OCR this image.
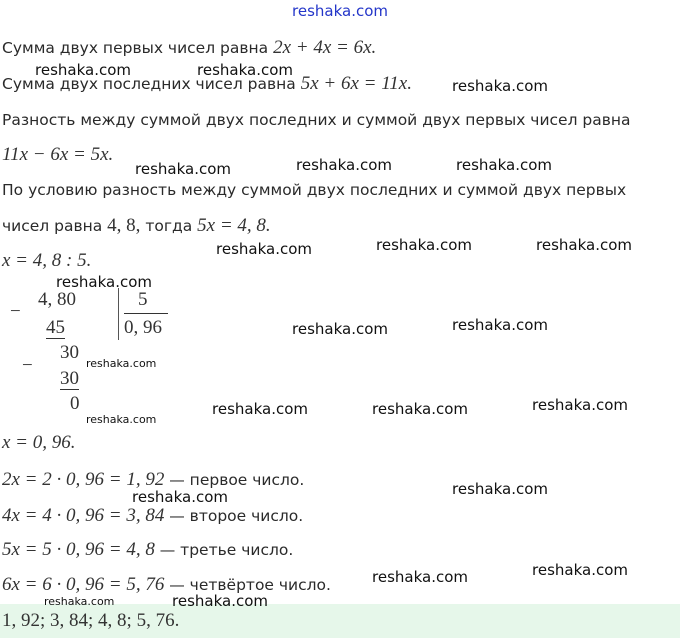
reshaka.com
Сумма двух первых чисел равна 2x + 4x = 6x.
Сумма двух последних чисел равна 5x + 6x = 11x.
Разность между суммой двух последних и суммой двух первых чисел равна
11x − 6x = 5x.
По условию разность между суммой двух последних и суммой двух первых
чисел равна 4, 8, тогда 5x = 4, 8.
x = 4, 8 : 5.
4, 80
−
45
5
0, 96
30
−
30
0
x = 0, 96.
2x = 2 · 0, 96 = 1, 92 — первое число.
4x = 4 · 0, 96 = 3, 84 — второе число.
5x = 5 · 0, 96 = 4, 8 — третье число.
6x = 6 · 0, 96 = 5, 76 — четвёртое число.
1, 92; 3, 84; 4, 8; 5, 76.
reshaka.com	reshaka.com
reshaka.com
reshaka.com	reshaka.com	reshaka.com
reshaka.com	reshaka.com	reshaka.com
reshaka.com
reshaka.com	reshaka.com
reshaka.com
reshaka.com
reshaka.com	reshaka.com	reshaka.com
reshaka.com	reshaka.com
reshaka.com	reshaka.com
reshaka.com	reshaka.com
